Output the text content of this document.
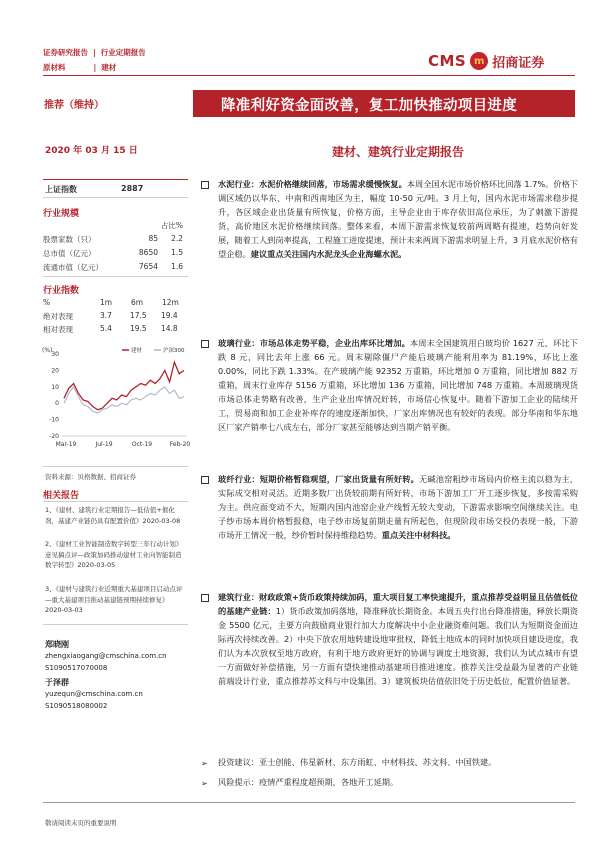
证券研究报告 | 行业定期报告
原材料	| 建材	CMS m 招商证券
推荐（维持）	降准利好资金面改善，复工加快推动项目进度
2020 年 03 月 15 日	建材、建筑行业定期报告
上证指数	2887
行业规模
占比%
股票家数（只）	85 2.2
总市值（亿元）	8650 1.5
流通市值（亿元）	7654 1.6
行业指数
%	1m	6m	12m
绝对表现	3.7 17.5 19.4
相对表现	5.4 19.5 14.8
(%)
-20
-10
0
10
20
30
Mar-19	Jul-19	Oct-19	Feb-20
建材	沪深300
资料来源：贝格数据、招商证券
相关报告
1、《建材、建筑行业定期报告—低估值+催化剂，基建产业链仍具有配置价值》2020-03-08
2、《建材工业智能制造数字转型三年行动计划》意见稿点评—政策加码推动建材工业向智能制造数字转型》2020-03-05
3、《建材与建筑行业近期重大基建项目启动点评—重大基建项目推动基建链预期持续修复》2020-03-03
郑晓刚
zhengxiaogang@cmschina.com.cn
S1090517070008
于泽群
yuzequn@cmschina.com.cn
S1090518080002
水泥行业：水泥价格继续回落，市场需求缓慢恢复。本周全国水泥市场价格环比回落 1.7%。价格下调区域仍以华东、中南和西南地区为主，幅度 10-50 元/吨。3 月上旬，国内水泥市场需求稳步提升，各区域企业出货量有所恢复，价格方面，主导企业由于库存依旧高位承压，为了刺激下游提货，高价地区水泥价格继续回落。整体来看，本周下游需求恢复较前两周略有提速，趋势向好发展，随着工人到岗率提高，工程施工进度提速，预计未来两周下游需求明显上升，3 月底水泥价格有望企稳。建议重点关注国内水泥龙头企业海螺水泥。
玻璃行业：市场总体走势平稳，企业出库环比增加。本周末全国建筑用白玻均价 1627 元，环比下跌 8 元，同比去年上涨 66 元。周末剔除僵尸产能后玻璃产能利用率为 81.19%，环比上涨 0.00%，同比下跌 1.33%。在产玻璃产能 92352 万重箱，环比增加 0 万重箱，同比增加 882 万重箱，周末行业库存 5156 万重箱，环比增加 136 万重箱，同比增加 748 万重箱。本周玻璃现货市场总体走势略有改善，生产企业出库情况好转，市场信心恢复中。随着下游加工企业的陆续开工，贸易商和加工企业补库存的速度逐渐加快，厂家出库情况也有较好的表现。部分华南和华东地区厂家产销率七八成左右，部分厂家甚至能够达到当期产销平衡。
玻纤行业：短期价格暂稳观望，厂家出货量有所好转。无碱池窑粗纱市场局内价格主流以稳为主，实际成交相对灵活。近期多数厂出货较前期有所好转，市场下游加工厂开工逐步恢复，多按需采购为主。供应面变动不大，短期内国内池窑企业产线暂无较大变动，下游需求影响空间继续关注。电子纱市场本周价格暂报稳，电子纱市场复前期走量有所起色，但现阶段市场交投仍表现一般，下游市场开工情况一般，纱价暂时保持维稳趋势。重点关注中材科技。
建筑行业：财政政策+货币政策持续加码，重大项目复工率快速提升，重点推荐受益明显且估值低位的基建产业链：1）货币政策加码落地，降准释放长期资金。本周五央行出台降准措施，释放长期资金 5500 亿元，主要方向鼓励商业银行加大力度解决中小企业融资难问题。我们认为短期资金面边际再次持续改善。2）中央下放农用地转建设地审批权，降低土地成本的同时加快项目建设进度，我们认为本次放权至地方政府，有利于地方政府更好的协调与调度土地资源，我们认为试点城市有望一方面做好补偿措施，另一方面有望快速推动基建项目推进速度。推荐关注受益最为显著的产业链前端设计行业，重点推荐苏文科与中设集团。3）建筑板块估值依旧处于历史低位，配置价值显著。
投资建议：亚士创能、伟星新材、东方雨虹、中材科技、苏文科、中国铁建。
➢
风险提示：疫情严重程度超预期，各地开工延期。
➢
敬请阅读末页的重要说明
